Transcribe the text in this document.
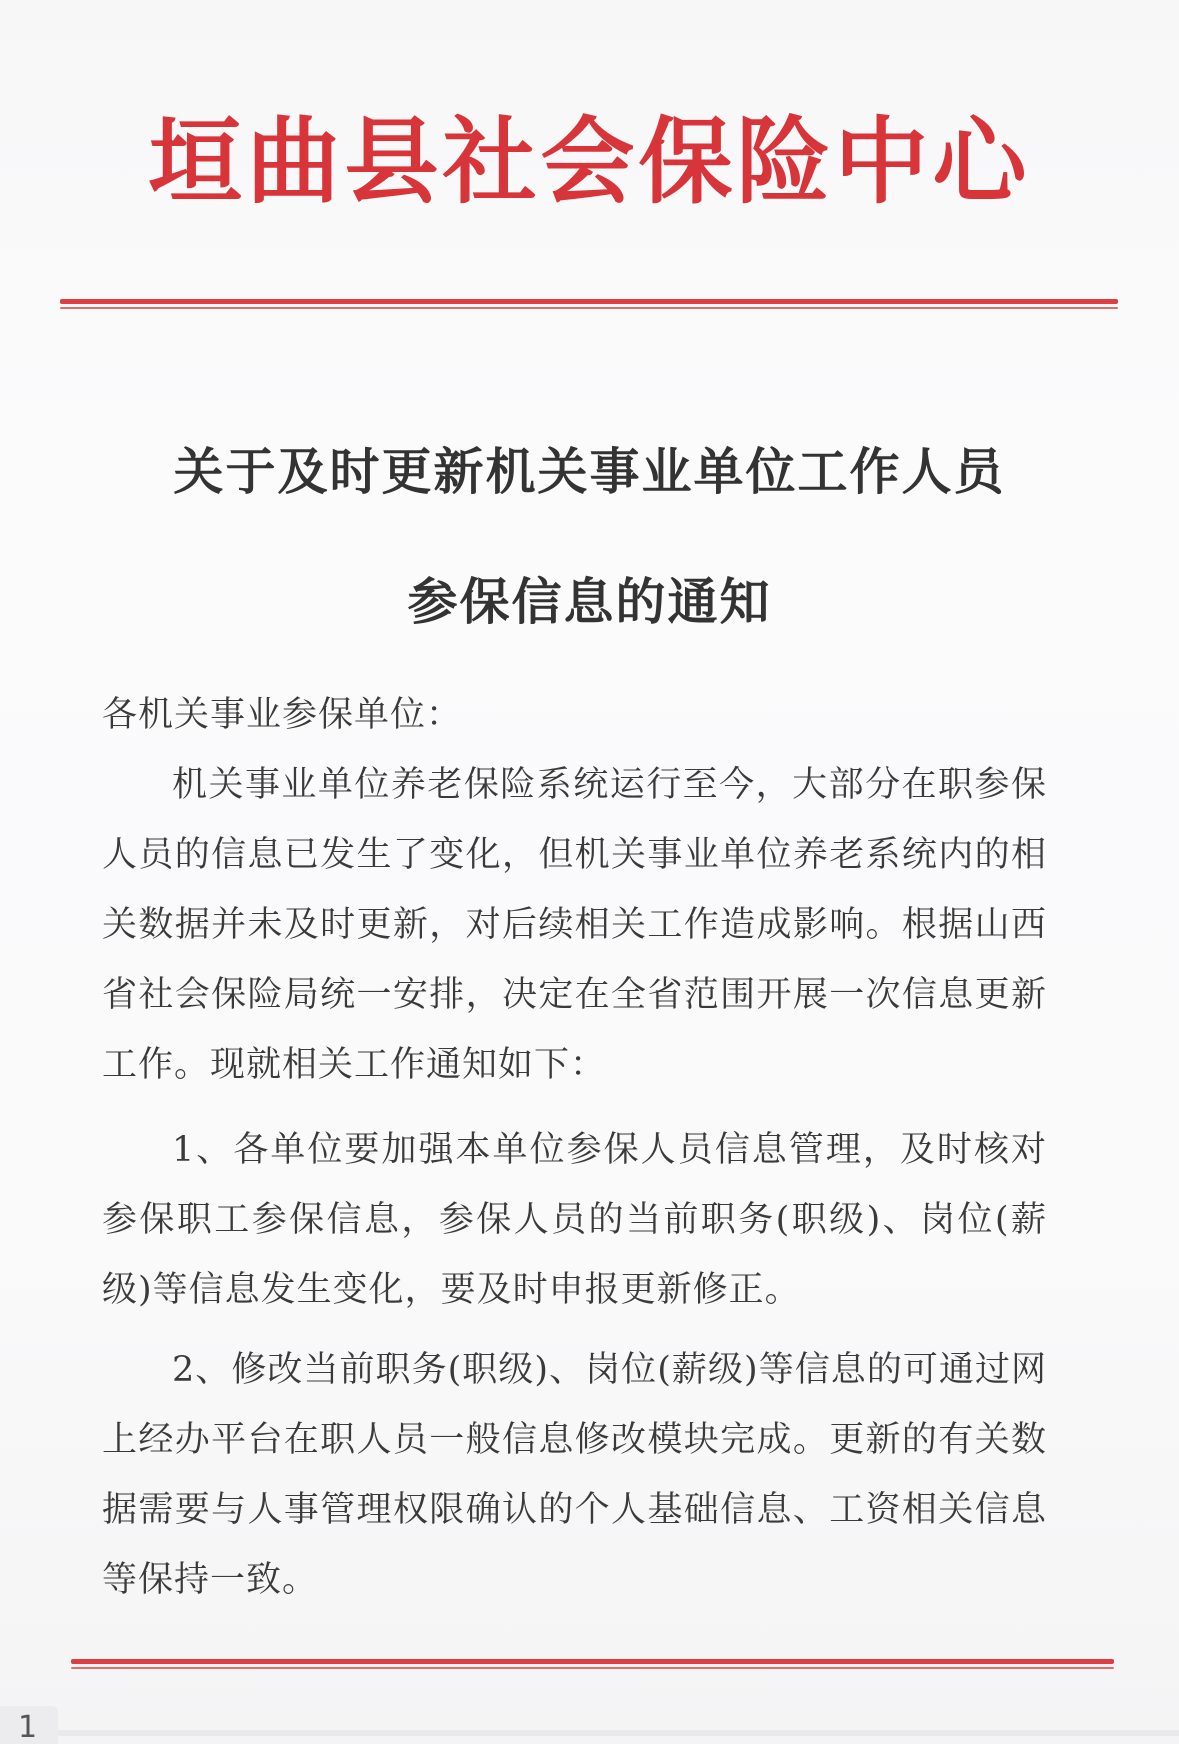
垣曲县社会保险中心
关于及时更新机关事业单位工作人员
参保信息的通知
各机关事业参保单位：
机关事业单位养老保险系统运行至今，大部分在职参保人员的信息已发生了变化，但机关事业单位养老系统内的相关数据并未及时更新，对后续相关工作造成影响。根据山西省社会保险局统一安排，决定在全省范围开展一次信息更新工作。现就相关工作通知如下：
1、各单位要加强本单位参保人员信息管理，及时核对参保职工参保信息，参保人员的当前职务(职级)、岗位(薪级)等信息发生变化，要及时申报更新修正。
2、修改当前职务(职级)、岗位(薪级)等信息的可通过网上经办平台在职人员一般信息修改模块完成。更新的有关数据需要与人事管理权限确认的个人基础信息、工资相关信息等保持一致。
1
